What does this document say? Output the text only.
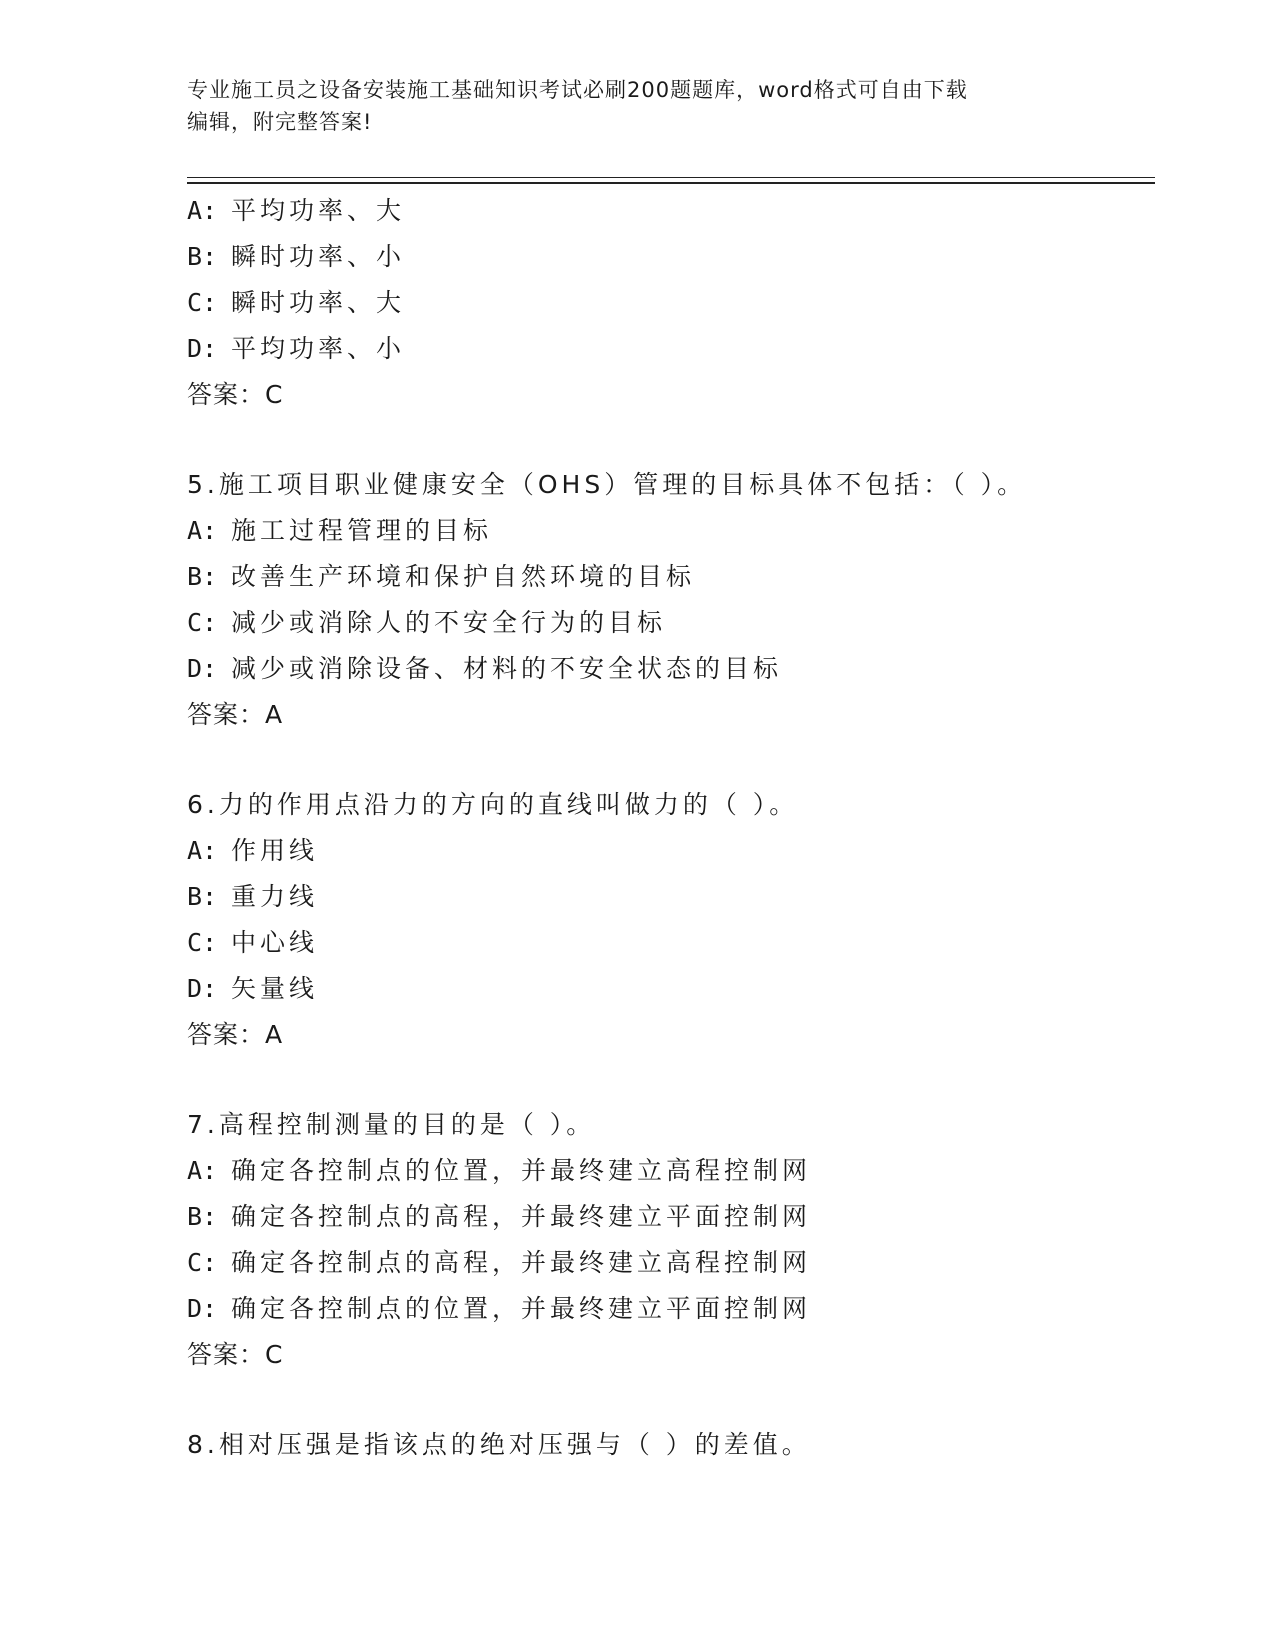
专业施工员之设备安装施工基础知识考试必刷200题题库，word格式可自由下载
编辑，附完整答案!
A: 平均功率、大
B: 瞬时功率、小
C: 瞬时功率、大
D: 平均功率、小
答案：C
5.施工项目职业健康安全（OHS）管理的目标具体不包括：（ ）。
A: 施工过程管理的目标
B: 改善生产环境和保护自然环境的目标
C: 减少或消除人的不安全行为的目标
D: 减少或消除设备、材料的不安全状态的目标
答案：A
6.力的作用点沿力的方向的直线叫做力的（ ）。
A: 作用线
B: 重力线
C: 中心线
D: 矢量线
答案：A
7.高程控制测量的目的是（ ）。
A: 确定各控制点的位置，并最终建立高程控制网
B: 确定各控制点的高程，并最终建立平面控制网
C: 确定各控制点的高程，并最终建立高程控制网
D: 确定各控制点的位置，并最终建立平面控制网
答案：C
8.相对压强是指该点的绝对压强与（ ）的差值。
